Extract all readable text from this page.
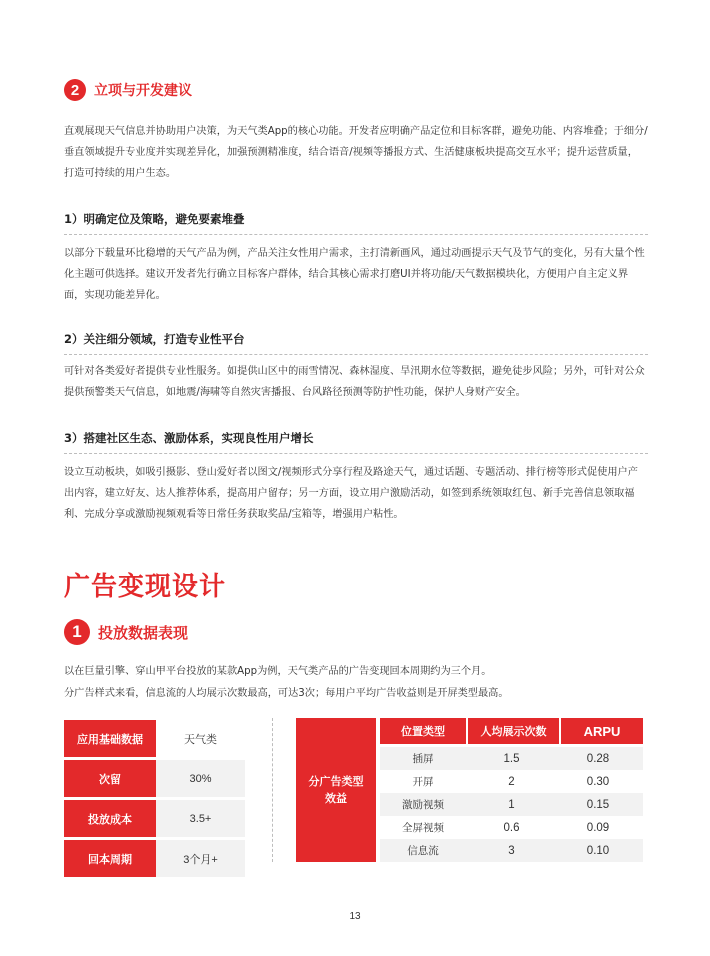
2	立项与开发建议

直观展现天气信息并协助用户决策，为天气类App的核心功能。开发者应明确产品定位和目标客群，避免功能、内容堆叠；于细分/垂直领域提升专业度并实现差异化，加强预测精准度，结合语音/视频等播报方式、生活健康板块提高交互水平；提升运营质量，打造可持续的用户生态。

1）明确定位及策略，避免要素堆叠

以部分下载量环比稳增的天气产品为例，产品关注女性用户需求，主打清新画风，通过动画提示天气及节气的变化，另有大量个性化主题可供选择。建议开发者先行确立目标客户群体，结合其核心需求打磨UI并将功能/天气数据模块化，方便用户自主定义界面，实现功能差异化。

2）关注细分领域，打造专业性平台

可针对各类爱好者提供专业性服务。如提供山区中的雨雪情况、森林湿度、旱汛期水位等数据，避免徒步风险；另外，可针对公众提供预警类天气信息，如地震/海啸等自然灾害播报、台风路径预测等防护性功能，保护人身财产安全。

3）搭建社区生态、激励体系，实现良性用户增长

设立互动板块，如吸引摄影、登山爱好者以图文/视频形式分享行程及路途天气，通过话题、专题活动、排行榜等形式促使用户产出内容，建立好友、达人推荐体系，提高用户留存；另一方面，设立用户激励活动，如签到系统领取红包、新手完善信息领取福利、完成分享或激励视频观看等日常任务获取奖品/宝箱等，增强用户粘性。

广告变现设计
1	投放数据表现
以在巨量引擎、穿山甲平台投放的某款App为例，天气类产品的广告变现回本周期约为三个月。
分广告样式来看，信息流的人均展示次数最高，可达3次；每用户平均广告收益则是开屏类型最高。
应用基础数据	天气类
次留	30%
投放成本	3.5+
回本周期	3个月+
分广告类型
效益
位置类型	人均展示次数	ARPU
插屏	1.5	0.28
开屏	2	0.30
激励视频	1	0.15
全屏视频	0.6	0.09
信息流	3	0.10
13
